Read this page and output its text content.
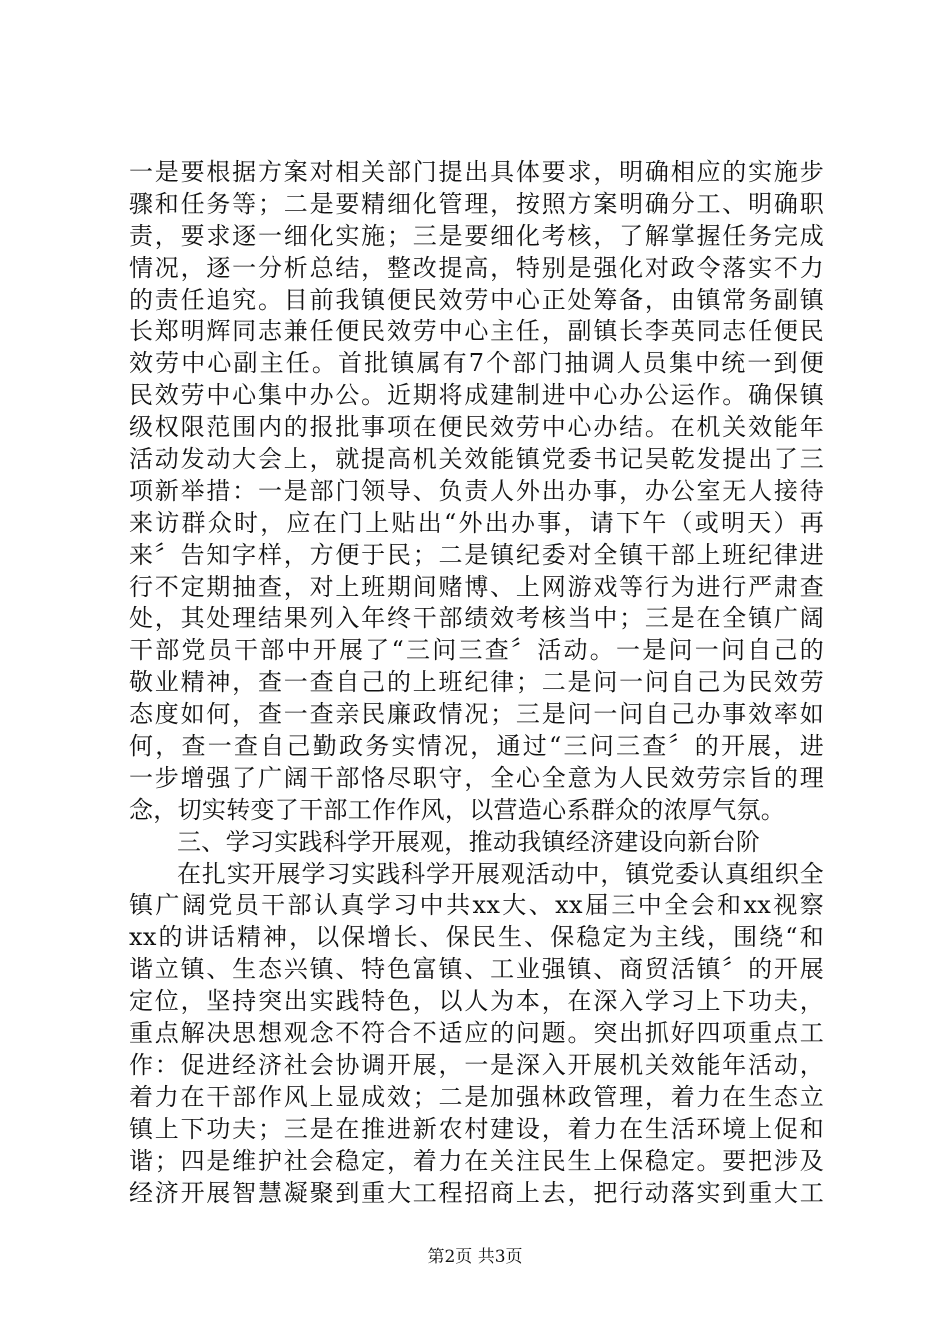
一是要根据方案对相关部门提出具体要求，明确相应的实施步
骤和任务等；二是要精细化管理，按照方案明确分工、明确职
责，要求逐一细化实施；三是要细化考核，了解掌握任务完成
情况，逐一分析总结，整改提高，特别是强化对政令落实不力
的责任追究。目前我镇便民效劳中心正处筹备，由镇常务副镇
长郑明辉同志兼任便民效劳中心主任，副镇长李英同志任便民
效劳中心副主任。首批镇属有7个部门抽调人员集中统一到便
民效劳中心集中办公。近期将成建制进中心办公运作。确保镇
级权限范围内的报批事项在便民效劳中心办结。在机关效能年
活动发动大会上，就提高机关效能镇党委书记吴乾发提出了三
项新举措：一是部门领导、负责人外出办事，办公室无人接待
来访群众时，应在门上贴出“外出办事，请下午（或明天）再
来〞告知字样，方便于民；二是镇纪委对全镇干部上班纪律进
行不定期抽查，对上班期间赌博、上网游戏等行为进行严肃查
处，其处理结果列入年终干部绩效考核当中；三是在全镇广阔
干部党员干部中开展了“三问三查〞活动。一是问一问自己的
敬业精神，查一查自己的上班纪律；二是问一问自己为民效劳
态度如何，查一查亲民廉政情况；三是问一问自己办事效率如
何，查一查自己勤政务实情况，通过“三问三查〞的开展，进
一步增强了广阔干部恪尽职守，全心全意为人民效劳宗旨的理
念，切实转变了干部工作作风，以营造心系群众的浓厚气氛。
三、学习实践科学开展观，推动我镇经济建设向新台阶
在扎实开展学习实践科学开展观活动中，镇党委认真组织全
镇广阔党员干部认真学习中共xx大、xx届三中全会和xx视察
xx的讲话精神，以保增长、保民生、保稳定为主线，围绕“和
谐立镇、生态兴镇、特色富镇、工业强镇、商贸活镇〞的开展
定位，坚持突出实践特色，以人为本，在深入学习上下功夫，
重点解决思想观念不符合不适应的问题。突出抓好四项重点工
作：促进经济社会协调开展，一是深入开展机关效能年活动，
着力在干部作风上显成效；二是加强林政管理，着力在生态立
镇上下功夫；三是在推进新农村建设，着力在生活环境上促和
谐；四是维护社会稳定，着力在关注民生上保稳定。要把涉及
经济开展智慧凝聚到重大工程招商上去，把行动落实到重大工
第2页 共3页
